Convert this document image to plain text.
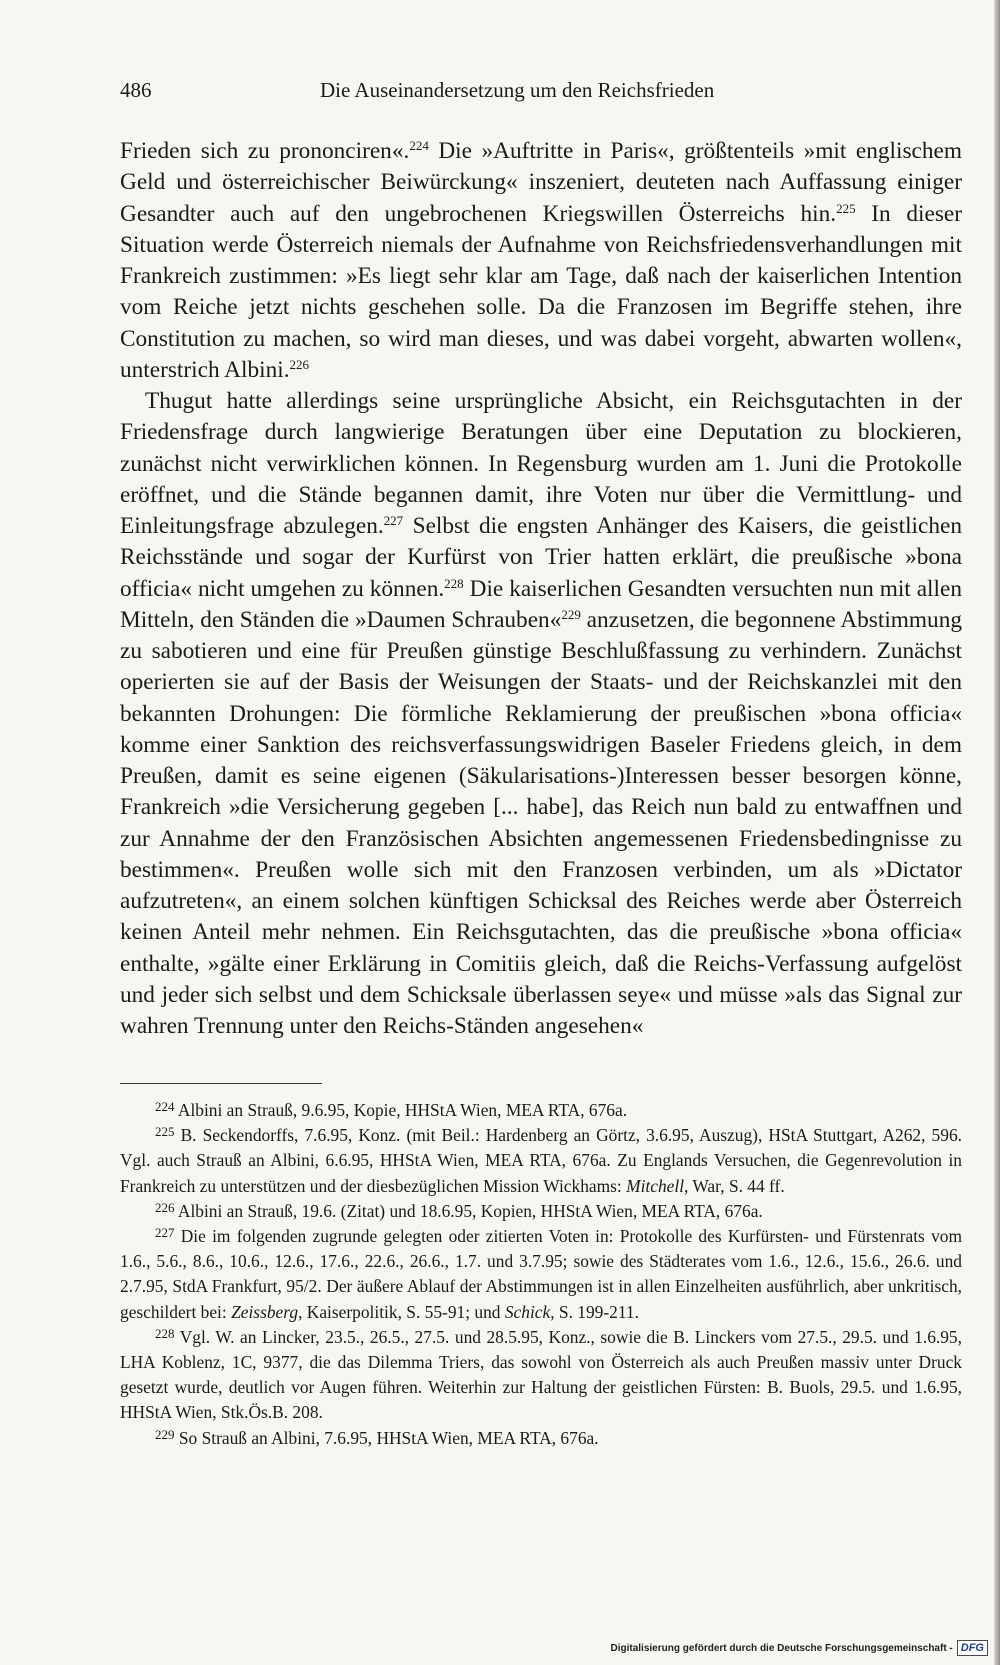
486	Die Auseinandersetzung um den Reichsfrieden

Frieden sich zu prononciren«.$^{224}$ Die »Auftritte in Paris«, größtenteils »mit englischem Geld und österreichischer Beiwürckung« inszeniert, deuteten nach Auffassung einiger Gesandter auch auf den ungebrochenen Kriegswillen Österreichs hin.$^{225}$ In dieser Situation werde Österreich niemals der Aufnahme von Reichsfriedensverhandlungen mit Frankreich zustimmen: »Es liegt sehr klar am Tage, daß nach der kaiserlichen Intention vom Reiche jetzt nichts geschehen solle. Da die Franzosen im Begriffe stehen, ihre Constitution zu machen, so wird man dieses, und was dabei vorgeht, abwarten wollen«, unterstrich Albini.$^{226}$

Thugut hatte allerdings seine ursprüngliche Absicht, ein Reichsgutachten in der Friedensfrage durch langwierige Beratungen über eine Deputation zu blockieren, zunächst nicht verwirklichen können. In Regensburg wurden am 1. Juni die Protokolle eröffnet, und die Stände begannen damit, ihre Voten nur über die Vermittlung- und Einleitungsfrage abzulegen.$^{227}$ Selbst die engsten Anhänger des Kaisers, die geistlichen Reichsstände und sogar der Kurfürst von Trier hatten erklärt, die preußische »bona officia« nicht umgehen zu können.$^{228}$ Die kaiserlichen Gesandten versuchten nun mit allen Mitteln, den Ständen die »Daumen Schrauben«$^{229}$ anzusetzen, die begonnene Abstimmung zu sabotieren und eine für Preußen günstige Beschlußfassung zu verhindern. Zunächst operierten sie auf der Basis der Weisungen der Staats- und der Reichskanzlei mit den bekannten Drohungen: Die förmliche Reklamierung der preußischen »bona officia« komme einer Sanktion des reichsverfassungswidrigen Baseler Friedens gleich, in dem Preußen, damit es seine eigenen (Säkularisations-)Interessen besser besorgen könne, Frankreich »die Versicherung gegeben [... habe], das Reich nun bald zu entwaffnen und zur Annahme der den Französischen Absichten angemessenen Friedensbedingnisse zu bestimmen«. Preußen wolle sich mit den Franzosen verbinden, um als »Dictator aufzutreten«, an einem solchen künftigen Schicksal des Reiches werde aber Österreich keinen Anteil mehr nehmen. Ein Reichsgutachten, das die preußische »bona officia« enthalte, »gälte einer Erklärung in Comitiis gleich, daß die Reichs-Verfassung aufgelöst und jeder sich selbst und dem Schicksale überlassen seye« und müsse »als das Signal zur wahren Trennung unter den Reichs-Ständen angesehen«

$^{224}$ Albini an Strauß, 9.6.95, Kopie, HHStA Wien, MEA RTA, 676a.

$^{225}$ B. Seckendorffs, 7.6.95, Konz. (mit Beil.: Hardenberg an Görtz, 3.6.95, Auszug), HStA Stuttgart, A262, 596. Vgl. auch Strauß an Albini, 6.6.95, HHStA Wien, MEA RTA, 676a. Zu Englands Versuchen, die Gegenrevolution in Frankreich zu unterstützen und der diesbezüglichen Mission Wickhams: Mitchell, War, S. 44 ff.

$^{226}$ Albini an Strauß, 19.6. (Zitat) und 18.6.95, Kopien, HHStA Wien, MEA RTA, 676a.

$^{227}$ Die im folgenden zugrunde gelegten oder zitierten Voten in: Protokolle des Kurfürsten- und Fürstenrats vom 1.6., 5.6., 8.6., 10.6., 12.6., 17.6., 22.6., 26.6., 1.7. und 3.7.95; sowie des Städterates vom 1.6., 12.6., 15.6., 26.6. und 2.7.95, StdA Frankfurt, 95/2. Der äußere Ablauf der Abstimmungen ist in allen Einzelheiten ausführlich, aber unkritisch, geschildert bei: Zeissberg, Kaiserpolitik, S. 55-91; und Schick, S. 199-211.

$^{228}$ Vgl. W. an Lincker, 23.5., 26.5., 27.5. und 28.5.95, Konz., sowie die B. Linckers vom 27.5., 29.5. und 1.6.95, LHA Koblenz, 1C, 9377, die das Dilemma Triers, das sowohl von Österreich als auch Preußen massiv unter Druck gesetzt wurde, deutlich vor Augen führen. Weiterhin zur Haltung der geistlichen Fürsten: B. Buols, 29.5. und 1.6.95, HHStA Wien, Stk.Ös.B. 208.

$^{229}$ So Strauß an Albini, 7.6.95, HHStA Wien, MEA RTA, 676a.

Digitalisierung gefördert durch die Deutsche Forschungsgemeinschaft - DFG
